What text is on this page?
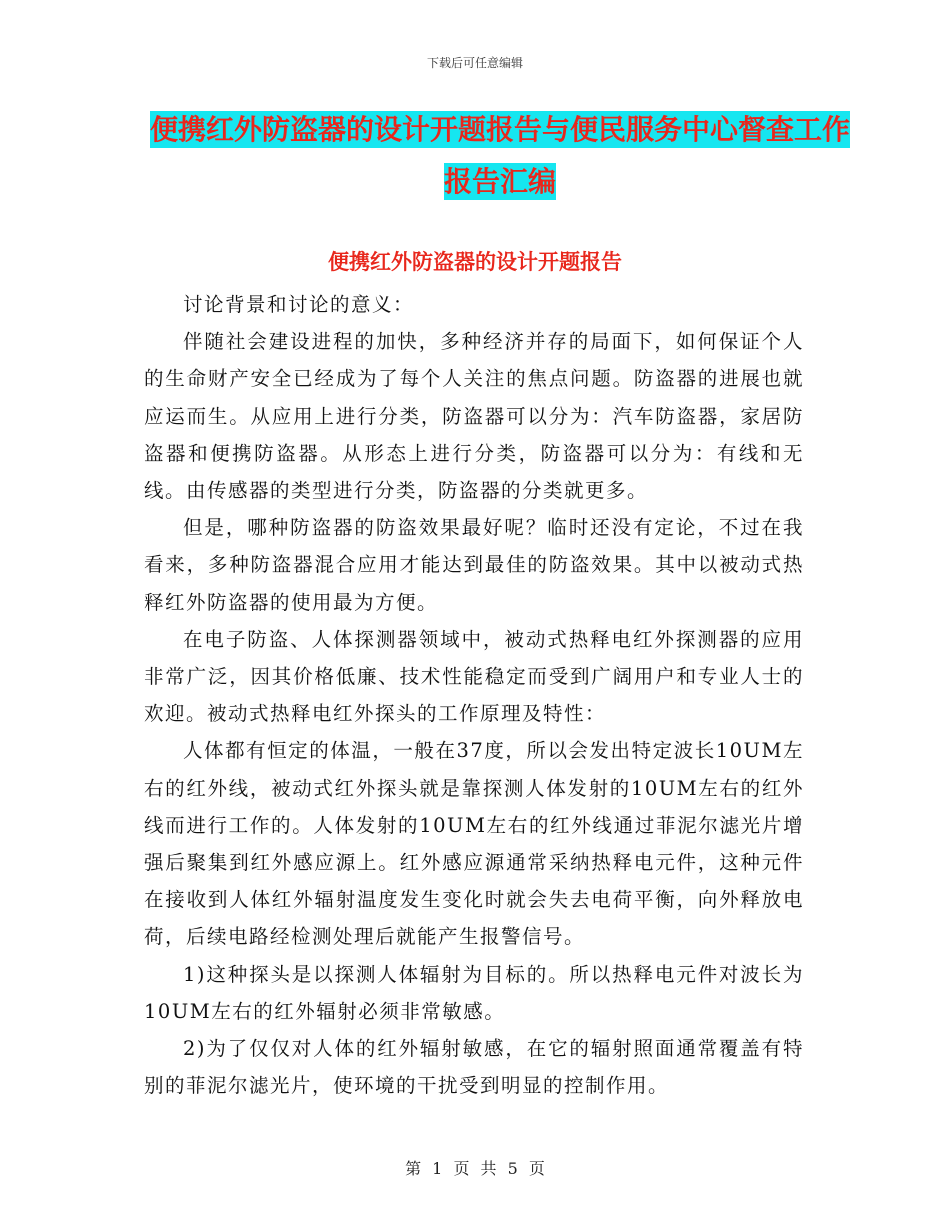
下载后可任意编辑
便携红外防盗器的设计开题报告与便民服务中心督查工作报告汇编
便携红外防盗器的设计开题报告

讨论背景和讨论的意义：

伴随社会建设进程的加快，多种经济并存的局面下，如何保证个人的生命财产安全已经成为了每个人关注的焦点问题。防盗器的进展也就应运而生。从应用上进行分类，防盗器可以分为：汽车防盗器，家居防盗器和便携防盗器。从形态上进行分类，防盗器可以分为：有线和无线。由传感器的类型进行分类，防盗器的分类就更多。

但是，哪种防盗器的防盗效果最好呢？临时还没有定论，不过在我看来，多种防盗器混合应用才能达到最佳的防盗效果。其中以被动式热释红外防盗器的使用最为方便。

在电子防盗、人体探测器领域中，被动式热释电红外探测器的应用非常广泛，因其价格低廉、技术性能稳定而受到广阔用户和专业人士的欢迎。被动式热释电红外探头的工作原理及特性：

人体都有恒定的体温，一般在37度，所以会发出特定波长10UM左右的红外线，被动式红外探头就是靠探测人体发射的10UM左右的红外线而进行工作的。人体发射的10UM左右的红外线通过菲泥尔滤光片增强后聚集到红外感应源上。红外感应源通常采纳热释电元件，这种元件在接收到人体红外辐射温度发生变化时就会失去电荷平衡，向外释放电荷，后续电路经检测处理后就能产生报警信号。

1)这种探头是以探测人体辐射为目标的。所以热释电元件对波长为10UM左右的红外辐射必须非常敏感。

2)为了仅仅对人体的红外辐射敏感，在它的辐射照面通常覆盖有特别的菲泥尔滤光片，使环境的干扰受到明显的控制作用。

第 1 页 共 5 页
